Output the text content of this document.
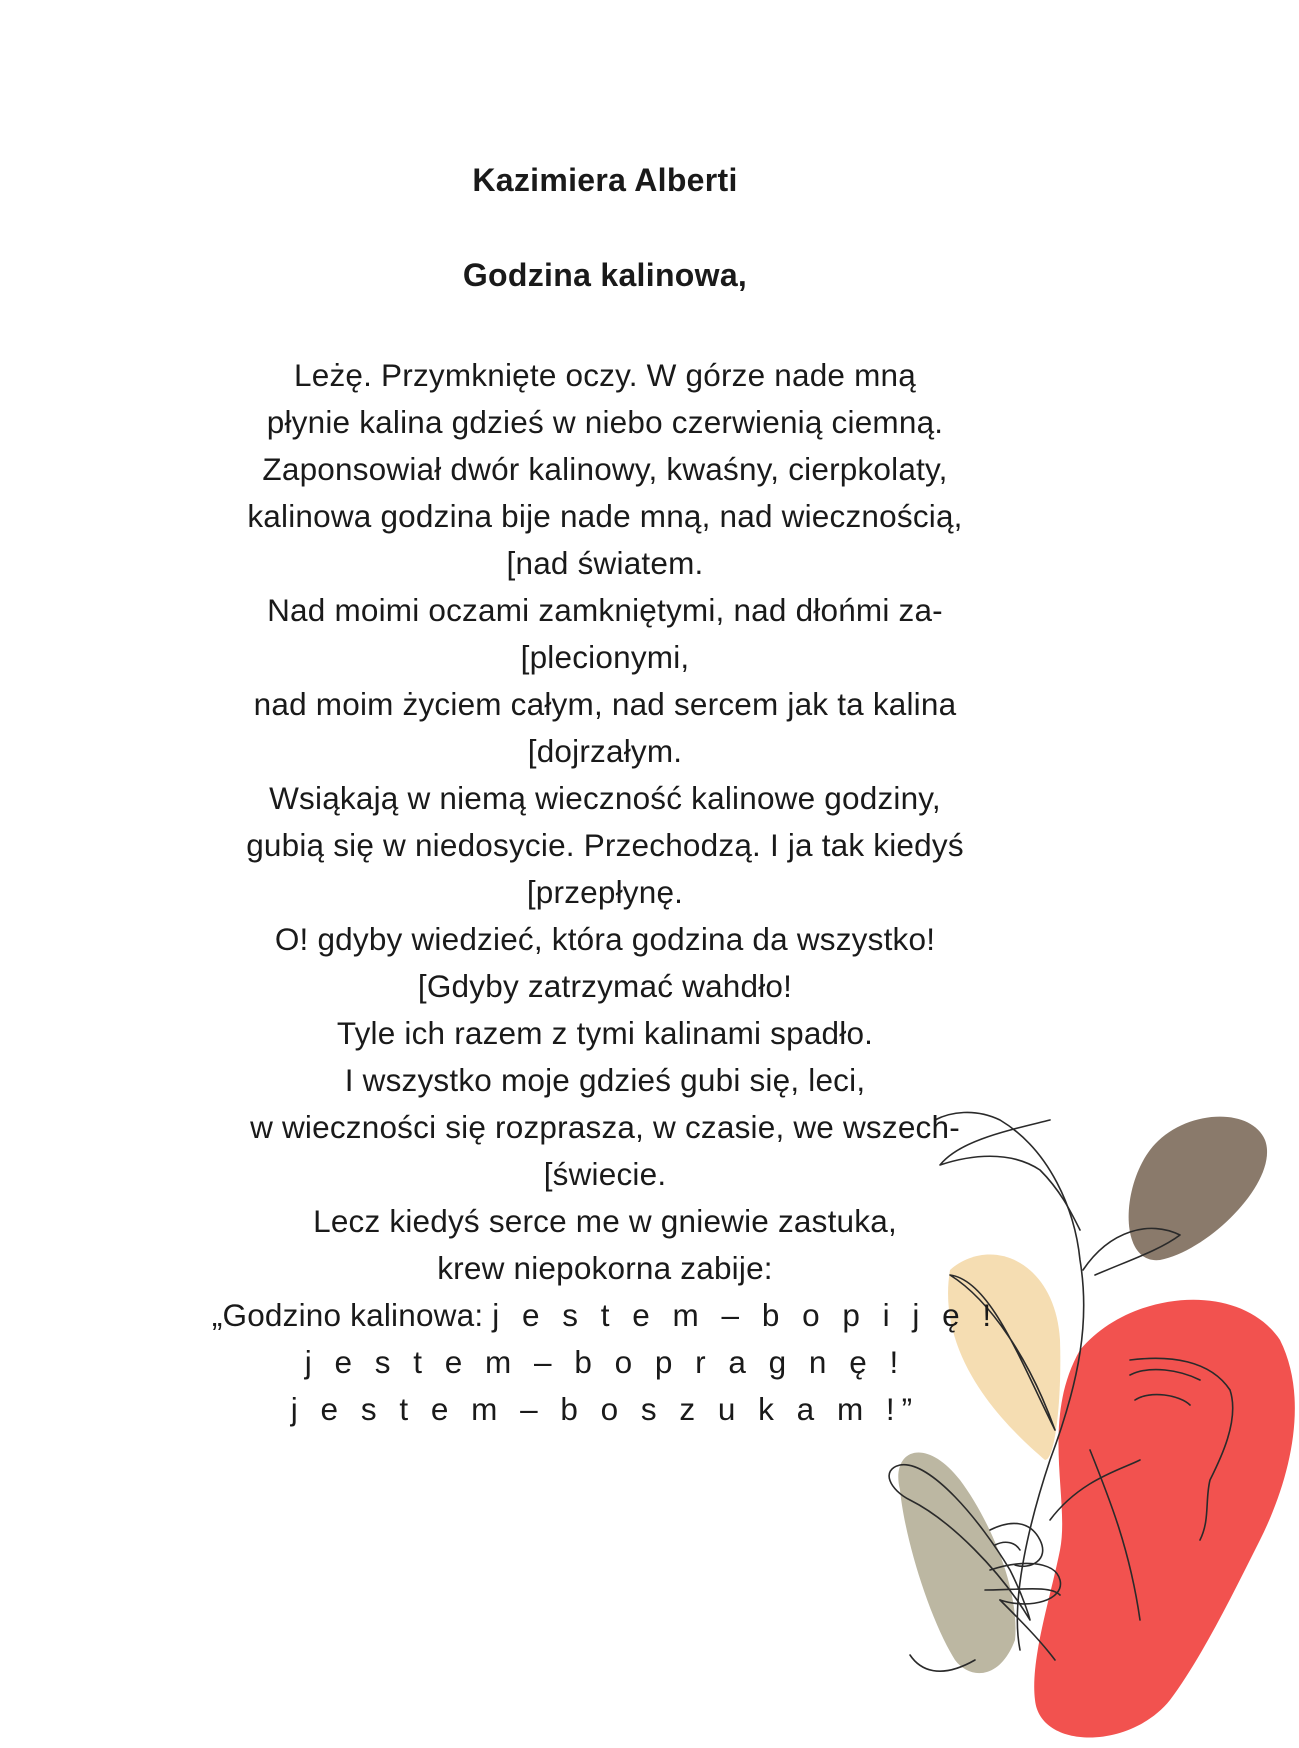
Kazimiera Alberti
Godzina kalinowa,
Leżę. Przymknięte oczy. W górze nade mną
płynie kalina gdzieś w niebo czerwienią ciemną.
Zaponsowiał dwór kalinowy, kwaśny, cierpkolaty,
kalinowa godzina bije nade mną, nad wiecznością,
[nad światem.
Nad moimi oczami zamkniętymi, nad dłońmi za-
[plecionymi,
nad moim życiem całym, nad sercem jak ta kalina
[dojrzałym.
Wsiąkają w niemą wieczność kalinowe godziny,
gubią się w niedosycie. Przechodzą. I ja tak kiedyś
[przepłynę.
O! gdyby wiedzieć, która godzina da wszystko!
[Gdyby zatrzymać wahdło!
Tyle ich razem z tymi kalinami spadło.
I wszystko moje gdzieś gubi się, leci,
w wieczności się rozprasza, w czasie, we wszech-
[świecie.
Lecz kiedyś serce me w gniewie zastuka,
krew niepokorna zabije:
„Godzino kalinowa: j e s t e m – b o p i j ę !
j e s t e m – b o p r a g n ę !
j e s t e m – b o s z u k a m !”
